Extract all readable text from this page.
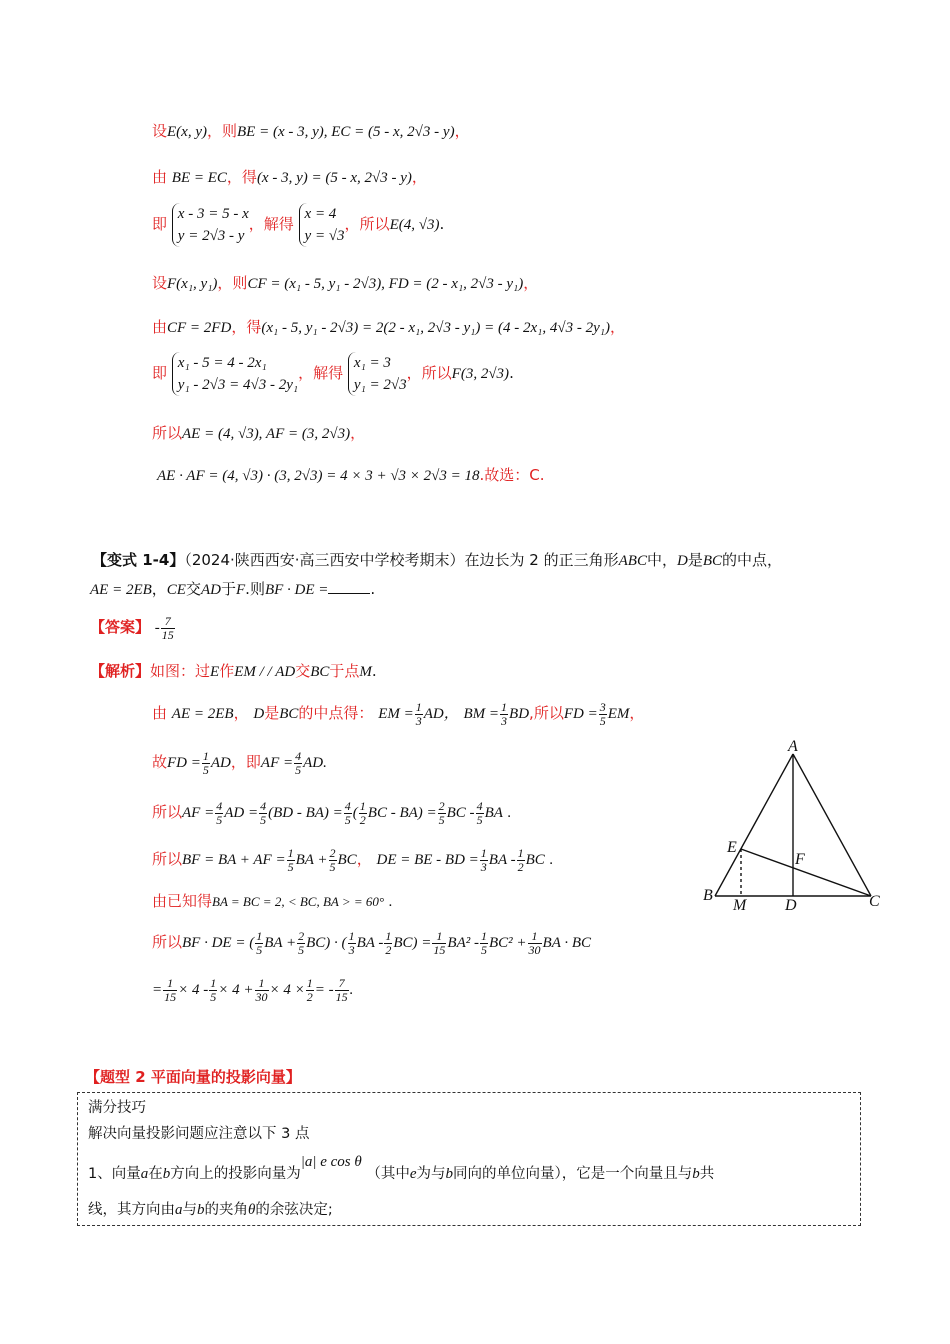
设E(x, y)，则BE = (x - 3, y), EC = (5 - x, 2√3 - y)，
由 BE = EC，得(x - 3, y) = (5 - x, 2√3 - y)，
即
x - 3 = 5 - x
y = 2√3 - y
，解得
x = 4
y = √3
，所以E(4, √3).
设F(x₁, y₁)，则CF = (x₁ - 5, y₁ - 2√3), FD = (2 - x₁, 2√3 - y₁)，
由CF = 2FD，得(x₁ - 5, y₁ - 2√3) = 2(2 - x₁, 2√3 - y₁) = (4 - 2x₁, 4√3 - 2y₁)，
即
x₁ - 5 = 4 - 2x₁
y₁ - 2√3 = 4√3 - 2y₁
，解得
x₁ = 3
y₁ = 2√3
，所以F(3, 2√3).
所以AE = (4, √3), AF = (3, 2√3)，
AE · AF = (4, √3) · (3, 2√3) = 4 × 3 + √3 × 2√3 = 18.故选：C.
【变式 1-4】（2024·陕西西安·高三西安中学校考期末）在边长为 2 的正三角形ABC中，D是BC的中点，
AE = 2EB，CE交AD于F.则BF · DE =	.
【答案】 - $\frac{7}{15}$
【解析】如图：过E作EM / / AD交BC于点M.
由 AE = 2EB， D是BC的中点得： EM = $\frac{1}{3}$ AD， BM = $\frac{1}{3}$ BD,所以FD = $\frac{3}{5}$ EM，
故FD = $\frac{1}{5}$ AD，即AF = $\frac{4}{5}$ AD.
所以AF = $\frac{4}{5}$ AD = $\frac{4}{5} (BD - BA) = \frac{4}{5}$ ( $\frac{1}{2}$ BC - $BA) = \frac{2}{5}$ BC - $\frac{4}{5}$ BA .
所以BF = BA + AF = $\frac{1}{5}$ BA + $\frac{2}{5}$ BC， DE = BE - BD = $\frac{1}{3}$ BA - $\frac{1}{2}$ BC .
由已知得BA = BC = 2, < BC, BA > = 60° .
所以BF · DE = ( $\frac{1}{5}$ BA + $\frac{2}{5} BC$) · ( $\frac{1}{3}$ BA - $\frac{1}{2} BC) = \frac{1}{15} BA^2 - \frac{1}{5} BC^2 + \frac{1}{30}$ BA · BC
= $\frac{1}{15} \times 4 - \frac{1}{5} \times 4 + \frac{1}{30} \times 4 \times \frac{1}{2}$ = - $\frac{7}{15}$ .
A
B	C
D
E
F
M
【题型 2 平面向量的投影向量】
满分技巧
解决向量投影问题应注意以下 3 点
1、向量a在b方向上的投影向量为|a| e cos θ （其中e为与b同向的单位向量），它是一个向量且与b共
线，其方向由a与b的夹角θ的余弦决定;
